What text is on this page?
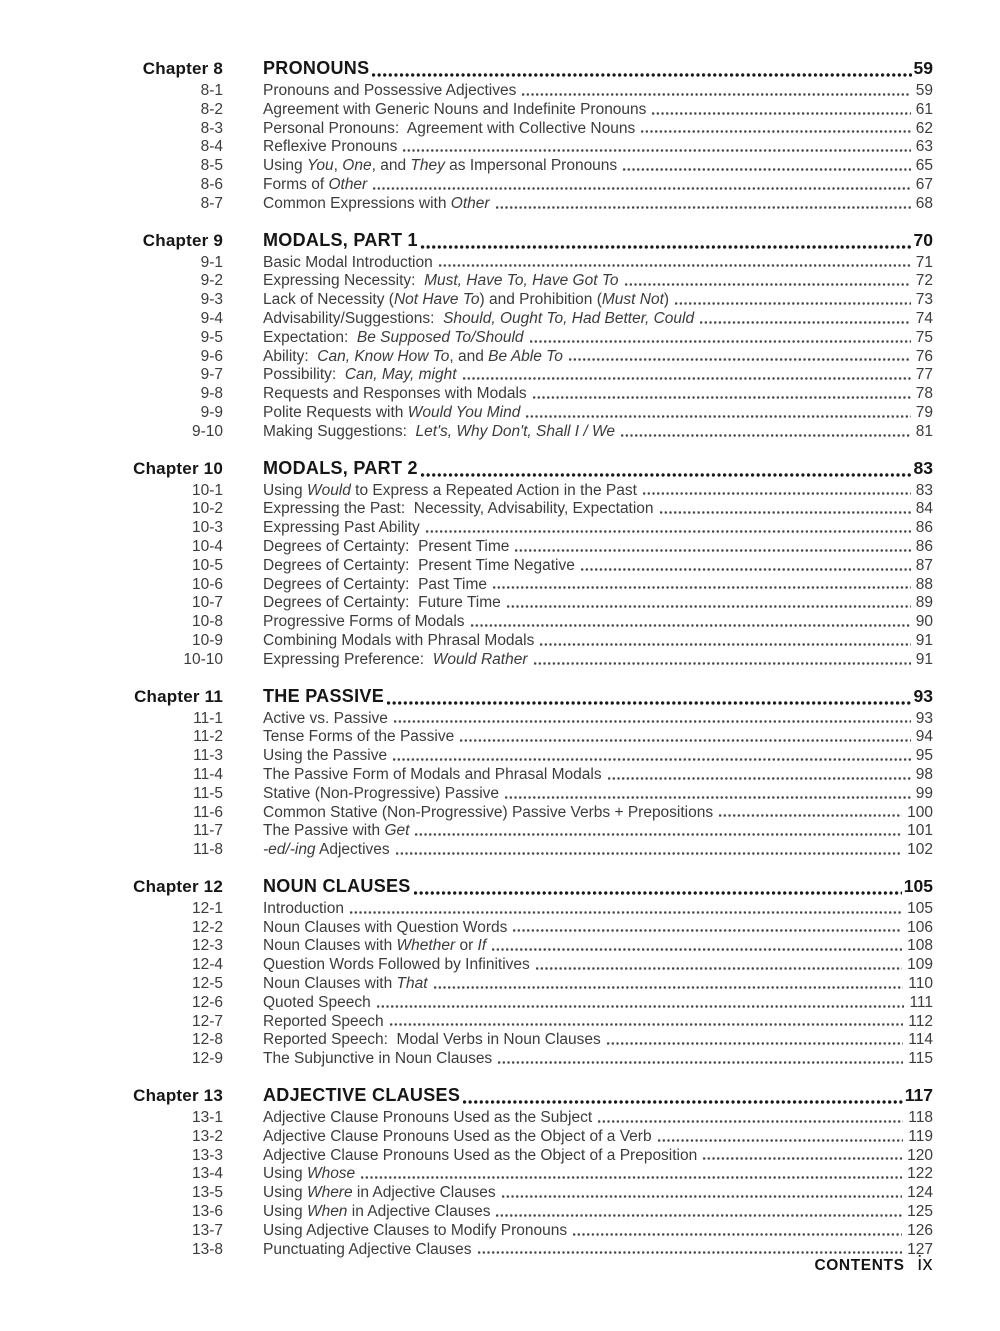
Chapter 8 PRONOUNS	59
8-1	Pronouns and Possessive Adjectives	59
8-2	Agreement with Generic Nouns and Indefinite Pronouns	61
8-3	Personal Pronouns:  Agreement with Collective Nouns	62
8-4	Reflexive Pronouns	63
8-5	Using You, One, and They as Impersonal Pronouns	65
8-6	Forms of Other	67
8-7	Common Expressions with Other	68
Chapter 9 MODALS, PART 1	70
9-1	Basic Modal Introduction	71
9-2	Expressing Necessity:  Must, Have To, Have Got To	72
9-3	Lack of Necessity (Not Have To) and Prohibition (Must Not)	73
9-4	Advisability/Suggestions:  Should, Ought To, Had Better, Could	74
9-5	Expectation:  Be Supposed To/Should	75
9-6	Ability:  Can, Know How To, and Be Able To	76
9-7	Possibility:  Can, May, might	77
9-8	Requests and Responses with Modals	78
9-9	Polite Requests with Would You Mind	79
9-10	Making Suggestions:  Let's, Why Don't, Shall I / We	81
Chapter 10 MODALS, PART 2	83
10-1	Using Would to Express a Repeated Action in the Past	83
10-2	Expressing the Past:  Necessity, Advisability, Expectation	84
10-3	Expressing Past Ability	86
10-4	Degrees of Certainty:  Present Time	86
10-5	Degrees of Certainty:  Present Time Negative	87
10-6	Degrees of Certainty:  Past Time	88
10-7	Degrees of Certainty:  Future Time	89
10-8	Progressive Forms of Modals	90
10-9	Combining Modals with Phrasal Modals	91
10-10	Expressing Preference:  Would Rather	91
Chapter 11 THE PASSIVE	93
11-1	Active vs. Passive	93
11-2	Tense Forms of the Passive	94
11-3	Using the Passive	95
11-4	The Passive Form of Modals and Phrasal Modals	98
11-5	Stative (Non-Progressive) Passive	99
11-6	Common Stative (Non-Progressive) Passive Verbs + Prepositions	100
11-7	The Passive with Get	101
11-8	-ed/-ing Adjectives	102
Chapter 12 NOUN CLAUSES	105
12-1	Introduction	105
12-2	Noun Clauses with Question Words	106
12-3	Noun Clauses with Whether or If	108
12-4	Question Words Followed by Infinitives	109
12-5	Noun Clauses with That	110
12-6	Quoted Speech	111
12-7	Reported Speech	112
12-8	Reported Speech:  Modal Verbs in Noun Clauses	114
12-9	The Subjunctive in Noun Clauses	115
Chapter 13 ADJECTIVE CLAUSES	117
13-1	Adjective Clause Pronouns Used as the Subject	118
13-2	Adjective Clause Pronouns Used as the Object of a Verb	119
13-3	Adjective Clause Pronouns Used as the Object of a Preposition	120
13-4	Using Whose	122
13-5	Using Where in Adjective Clauses	124
13-6	Using When in Adjective Clauses	125
13-7	Using Adjective Clauses to Modify Pronouns	126
13-8	Punctuating Adjective Clauses	127
CONTENTS ix
